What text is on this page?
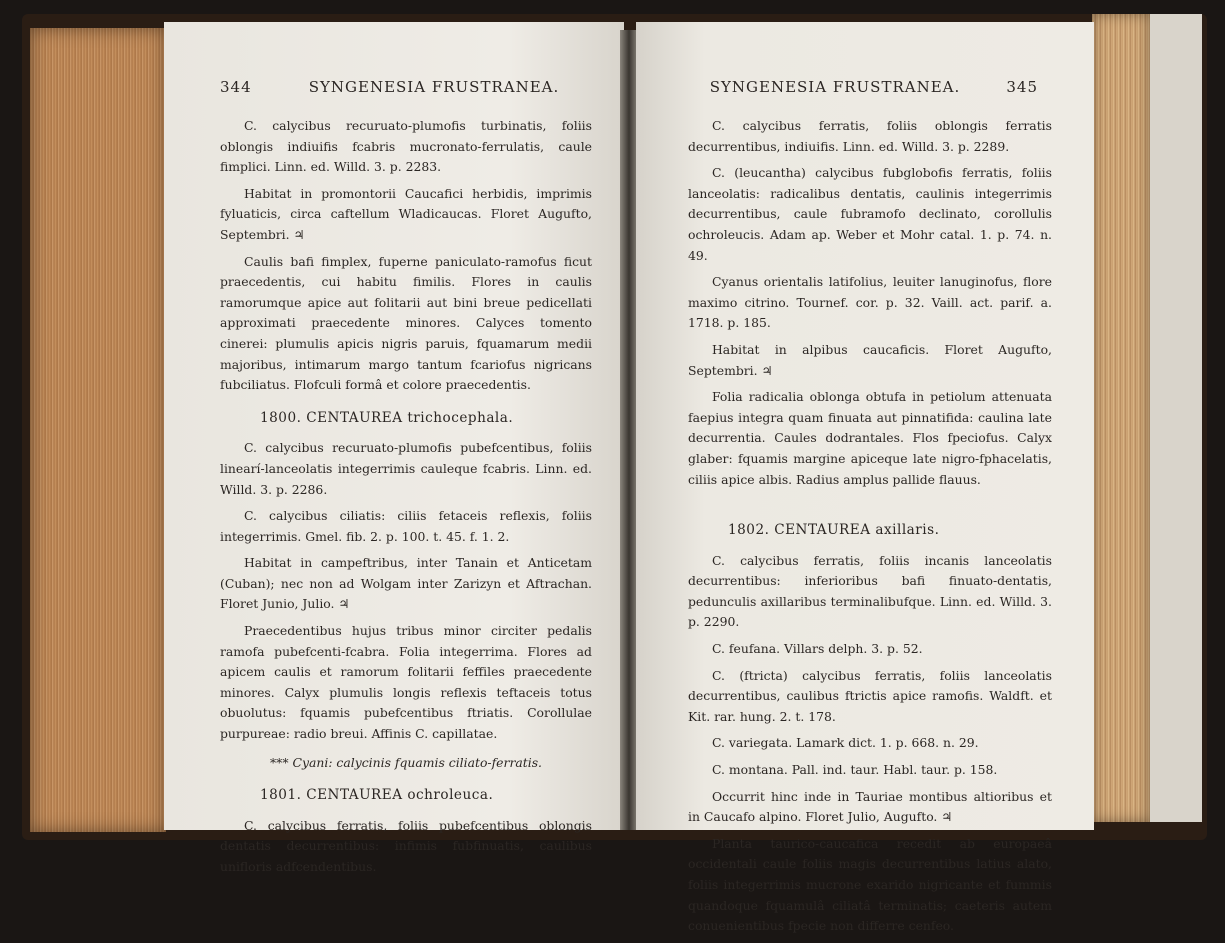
344	SYNGENESIA FRUSTRANEA.

C. calycibus recuruato-plumofis turbinatis, foliis oblongis indiuifis fcabris mucronato-ferrulatis, caule fimplici. Linn. ed. Willd. 3. p. 2283.

Habitat in promontorii Caucafici herbidis, imprimis fyluaticis, circa caftellum Wladicaucas. Floret Augufto, Septembri. ♃

Caulis bafi fimplex, fuperne paniculato-ramofus ficut praecedentis, cui habitu fimilis. Flores in caulis ramorumque apice aut folitarii aut bini breue pedicellati approximati praecedente minores. Calyces tomento cinerei: plumulis apicis nigris paruis, fquamarum medii majoribus, intimarum margo tantum fcariofus nigricans fubciliatus. Flofculi formâ et colore praecedentis.

1800. CENTAUREA trichocephala.

C. calycibus recuruato-plumofis pubefcentibus, foliis linearí-lanceolatis integerrimis cauleque fcabris. Linn. ed. Willd. 3. p. 2286.

C. calycibus ciliatis: ciliis fetaceis reflexis, foliis integerrimis. Gmel. fib. 2. p. 100. t. 45. f. 1. 2.

Habitat in campeftribus, inter Tanain et Anticetam (Cuban); nec non ad Wolgam inter Zarizyn et Aftrachan. Floret Junio, Julio. ♃

Praecedentibus hujus tribus minor circiter pedalis ramofa pubefcenti-fcabra. Folia integerrima. Flores ad apicem caulis et ramorum folitarii feffiles praecedente minores. Calyx plumulis longis reflexis teftaceis totus obuolutus: fquamis pubefcentibus ftriatis. Corollulae purpureae: radio breui. Affinis C. capillatae.

*** Cyani: calycinis fquamis ciliato-ferratis.

1801. CENTAUREA ochroleuca.

C. calycibus ferratis, foliis pubefcentibus oblongis dentatis decurrentibus: infimis fubfinuatis, caulibus unifloris adfcendentibus.

SYNGENESIA FRUSTRANEA.	345

C. calycibus ferratis, foliis oblongis ferratis decurrentibus, indiuifis. Linn. ed. Willd. 3. p. 2289.

C. (leucantha) calycibus fubglobofis ferratis, foliis lanceolatis: radicalibus dentatis, caulinis integerrimis decurrentibus, caule fubramofo declinato, corollulis ochroleucis. Adam ap. Weber et Mohr catal. 1. p. 74. n. 49.

Cyanus orientalis latifolius, leuiter lanuginofus, flore maximo citrino. Tournef. cor. p. 32. Vaill. act. parif. a. 1718. p. 185.

Habitat in alpibus caucaficis. Floret Augufto, Septembri. ♃

Folia radicalia oblonga obtufa in petiolum attenuata faepius integra quam finuata aut pinnatifida: caulina late decurrentia. Caules dodrantales. Flos fpeciofus. Calyx glaber: fquamis margine apiceque late nigro-fphacelatis, ciliis apice albis. Radius amplus pallide flauus.

1802. CENTAUREA axillaris.

C. calycibus ferratis, foliis incanis lanceolatis decurrentibus: inferioribus bafi finuato-dentatis, pedunculis axillaribus terminalibufque. Linn. ed. Willd. 3. p. 2290.

C. feufana. Villars delph. 3. p. 52.

C. (ftricta) calycibus ferratis, foliis lanceolatis decurrentibus, caulibus ftrictis apice ramofis. Waldft. et Kit. rar. hung. 2. t. 178.

C. variegata. Lamark dict. 1. p. 668. n. 29.

C. montana. Pall. ind. taur. Habl. taur. p. 158.

Occurrit hinc inde in Tauriae montibus altioribus et in Caucafo alpino. Floret Julio, Augufto. ♃

Planta taurico-caucafica recedit ab europaeâ occidentali caule foliis magis decurrentibus latius alato, foliis integerrimis mucrone exarido nigricante et fummis quandoque fquamulâ ciliatâ terminatis; caeteris autem conuenientibus fpecie non differre cenfeo.
